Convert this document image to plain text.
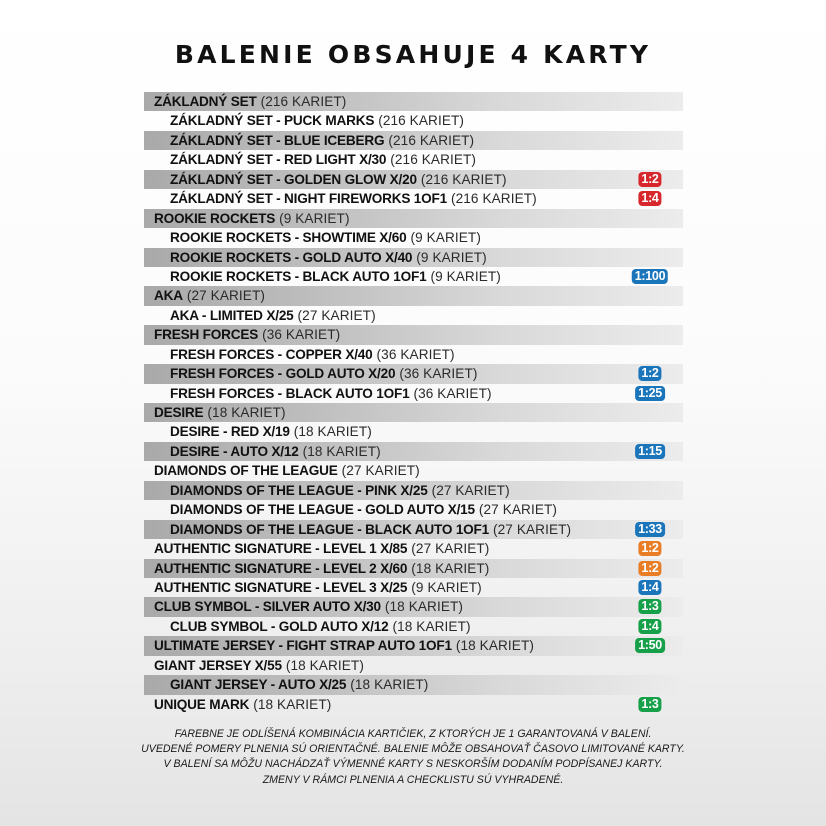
BALENIE OBSAHUJE 4 KARTY
ZÁKLADNÝ SET (216 KARIET)
ZÁKLADNÝ SET - PUCK MARKS (216 KARIET)
ZÁKLADNÝ SET - BLUE ICEBERG (216 KARIET)
ZÁKLADNÝ SET - RED LIGHT X/30 (216 KARIET)
ZÁKLADNÝ SET - GOLDEN GLOW X/20 (216 KARIET)	1:2
ZÁKLADNÝ SET - NIGHT FIREWORKS 1OF1 (216 KARIET)	1:4
ROOKIE ROCKETS (9 KARIET)
ROOKIE ROCKETS - SHOWTIME X/60 (9 KARIET)
ROOKIE ROCKETS - GOLD AUTO X/40 (9 KARIET)
ROOKIE ROCKETS - BLACK AUTO 1OF1 (9 KARIET)	1:100
AKA (27 KARIET)
AKA - LIMITED X/25 (27 KARIET)
FRESH FORCES (36 KARIET)
FRESH FORCES - COPPER X/40 (36 KARIET)
FRESH FORCES - GOLD AUTO X/20 (36 KARIET)	1:2
FRESH FORCES - BLACK AUTO 1OF1 (36 KARIET)	1:25
DESIRE (18 KARIET)
DESIRE - RED X/19 (18 KARIET)
DESIRE - AUTO X/12 (18 KARIET)	1:15
DIAMONDS OF THE LEAGUE (27 KARIET)
DIAMONDS OF THE LEAGUE - PINK X/25 (27 KARIET)
DIAMONDS OF THE LEAGUE - GOLD AUTO X/15 (27 KARIET)
DIAMONDS OF THE LEAGUE - BLACK AUTO 1OF1 (27 KARIET)	1:33
AUTHENTIC SIGNATURE - LEVEL 1 X/85 (27 KARIET)	1:2
AUTHENTIC SIGNATURE - LEVEL 2 X/60 (18 KARIET)	1:2
AUTHENTIC SIGNATURE - LEVEL 3 X/25 (9 KARIET)	1:4
CLUB SYMBOL - SILVER AUTO X/30 (18 KARIET)	1:3
CLUB SYMBOL - GOLD AUTO X/12 (18 KARIET)	1:4
ULTIMATE JERSEY - FIGHT STRAP AUTO 1OF1 (18 KARIET)	1:50
GIANT JERSEY X/55 (18 KARIET)
GIANT JERSEY - AUTO X/25 (18 KARIET)
UNIQUE MARK (18 KARIET)	1:3
FAREBNE JE ODLÍŠENÁ KOMBINÁCIA KARTIČIEK, Z KTORÝCH JE 1 GARANTOVANÁ V BALENÍ.
UVEDENÉ POMERY PLNENIA SÚ ORIENTAČNÉ. BALENIE MÔŽE OBSAHOVAŤ ČASOVO LIMITOVANÉ KARTY.
V BALENÍ SA MÔŽU NACHÁDZAŤ VÝMENNÉ KARTY S NESKORŠÍM DODANÍM PODPÍSANEJ KARTY.
ZMENY V RÁMCI PLNENIA A CHECKLISTU SÚ VYHRADENÉ.
